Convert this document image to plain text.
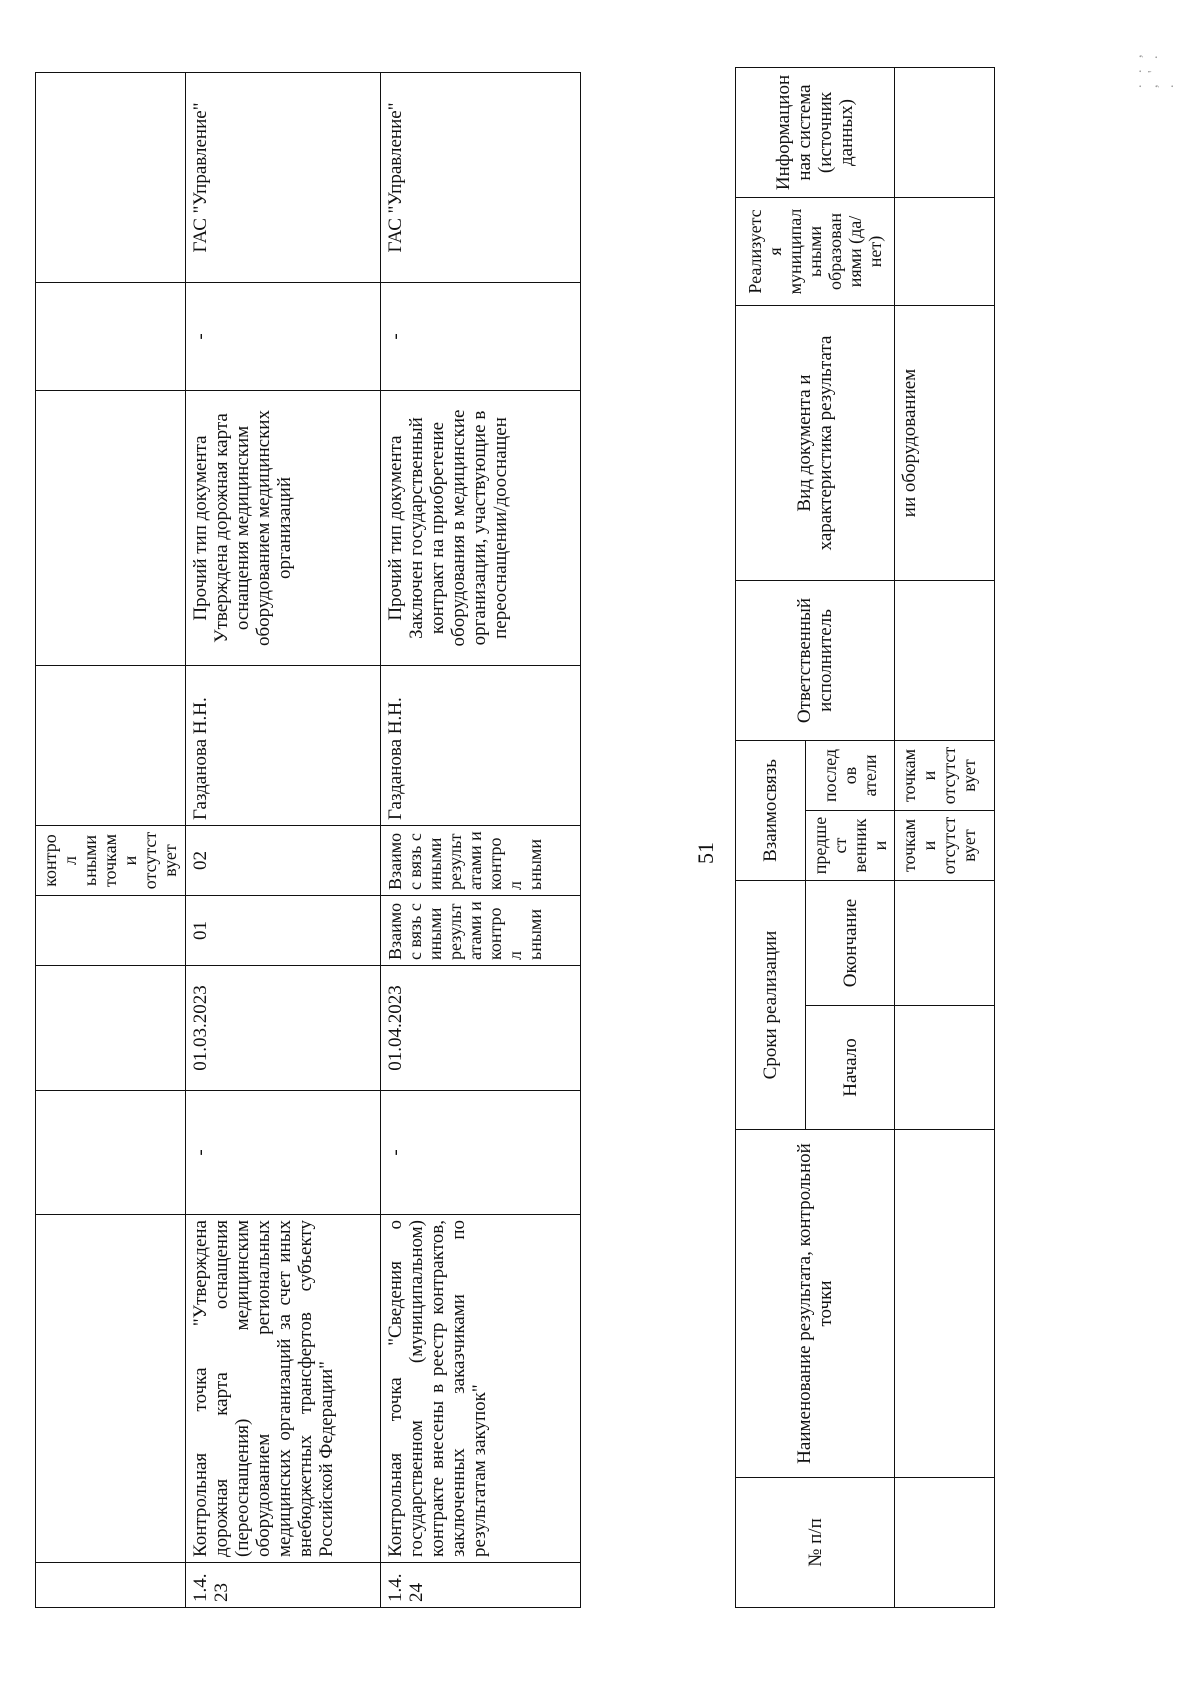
					контрол ьными точками отсутст вует				
1.4.23	Контрольная точка "Утверждена дорожная карта оснащения (переоснащения) медицинским оборудованием региональных медицинских организаций за счет иных внебюджетных трансфертов субъекту Российской Федерации"	-	01.03.2023	01	02	Газданова Н.Н.	Прочий тип документа Утверждена дорожная карта оснащения медицинским оборудованием медицинских организаций	-	ГАС "Управление"
1.4.24	Контрольная точка "Сведения о государственном (муниципальном) контракте внесены в реестр контрактов, заключенных заказчиками по результатам закупок"	-	01.04.2023	Взаимос вязь с иными результ атами и контрол ьными	Взаимос вязь с иными результ атами и контрол ьными	Газданова Н.Н.	Прочий тип документа Заключен государственный контракт на приобретение оборудования в медицинские организации, участвующие в переоснащении/дооснащен	-	ГАС "Управление"
51
№ п/п	Наименование результата, контрольной точки	Сроки реализации		Взаимосвязь		Ответственный исполнитель	Вид документа и характеристика результата	Реализуетс я муниципал ьными образован иями (да/нет)	Информацион ная система (источник данных)
		Начало	Окончание	предшест венники	последов атели				
				точками отсутст вует	точками отсутст вует		ии оборудованием		
. . , , ' . .
